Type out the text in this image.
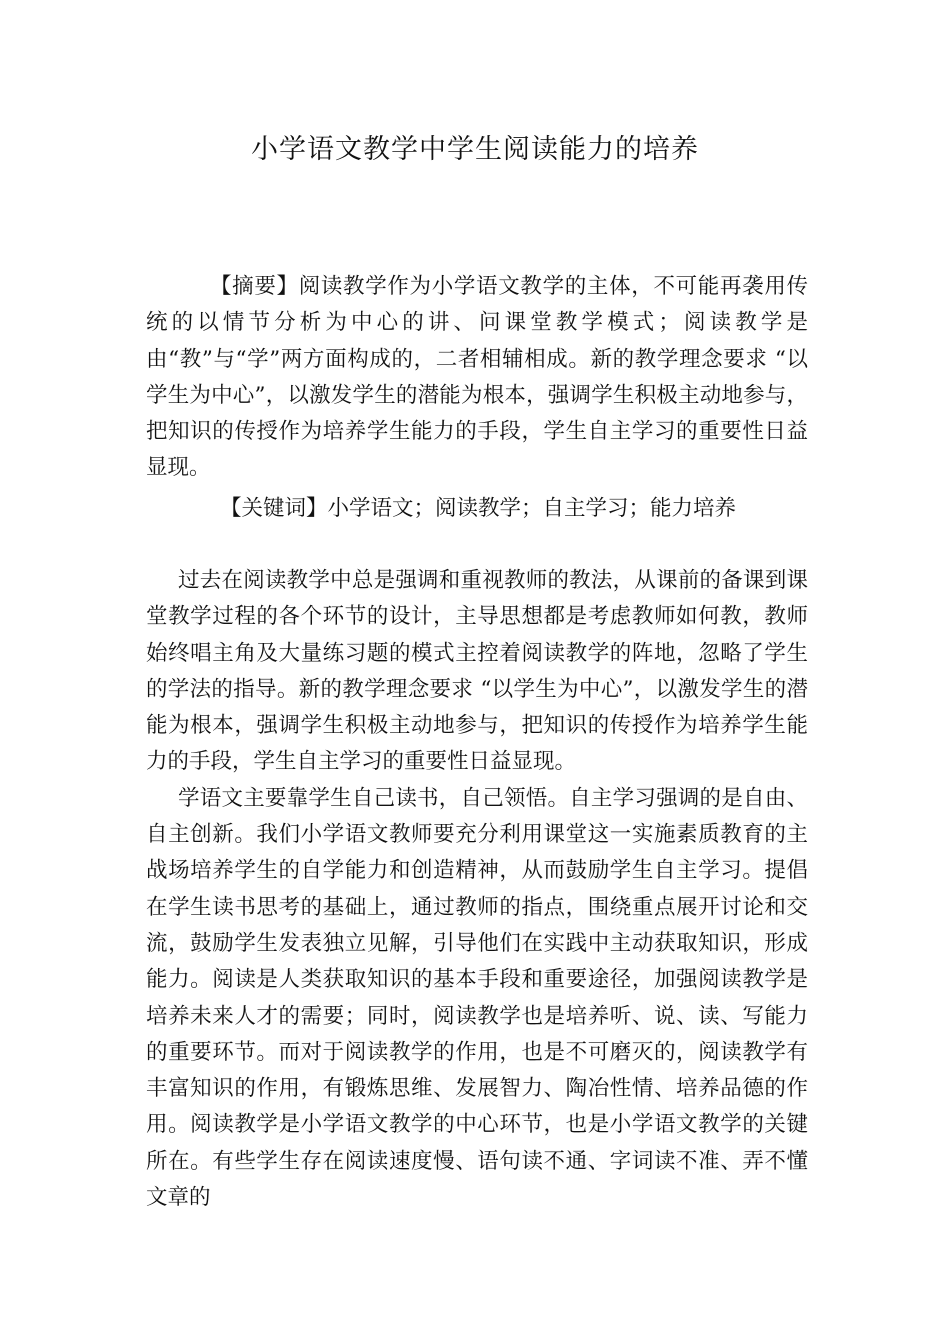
小学语文教学中学生阅读能力的培养

【摘要】阅读教学作为小学语文教学的主体，不可能再袭用传统的以情节分析为中心的讲、问课堂教学模式；阅读教学是由“教”与“学”两方面构成的，二者相辅相成。新的教学理念要求 “以学生为中心”，以激发学生的潜能为根本，强调学生积极主动地参与，把知识的传授作为培养学生能力的手段，学生自主学习的重要性日益显现。

【关键词】小学语文；阅读教学；自主学习；能力培养

过去在阅读教学中总是强调和重视教师的教法，从课前的备课到课堂教学过程的各个环节的设计，主导思想都是考虑教师如何教，教师始终唱主角及大量练习题的模式主控着阅读教学的阵地，忽略了学生的学法的指导。新的教学理念要求 “以学生为中心”，以激发学生的潜能为根本，强调学生积极主动地参与，把知识的传授作为培养学生能力的手段，学生自主学习的重要性日益显现。

学语文主要靠学生自己读书，自己领悟。自主学习强调的是自由、自主创新。我们小学语文教师要充分利用课堂这一实施素质教育的主战场培养学生的自学能力和创造精神，从而鼓励学生自主学习。提倡在学生读书思考的基础上，通过教师的指点，围绕重点展开讨论和交流，鼓励学生发表独立见解，引导他们在实践中主动获取知识，形成能力。阅读是人类获取知识的基本手段和重要途径，加强阅读教学是培养未来人才的需要；同时，阅读教学也是培养听、说、读、写能力的重要环节。而对于阅读教学的作用，也是不可磨灭的，阅读教学有丰富知识的作用，有锻炼思维、发展智力、陶冶性情、培养品德的作用。阅读教学是小学语文教学的中心环节，也是小学语文教学的关键所在。有些学生存在阅读速度慢、语句读不通、字词读不准、弄不懂文章的
